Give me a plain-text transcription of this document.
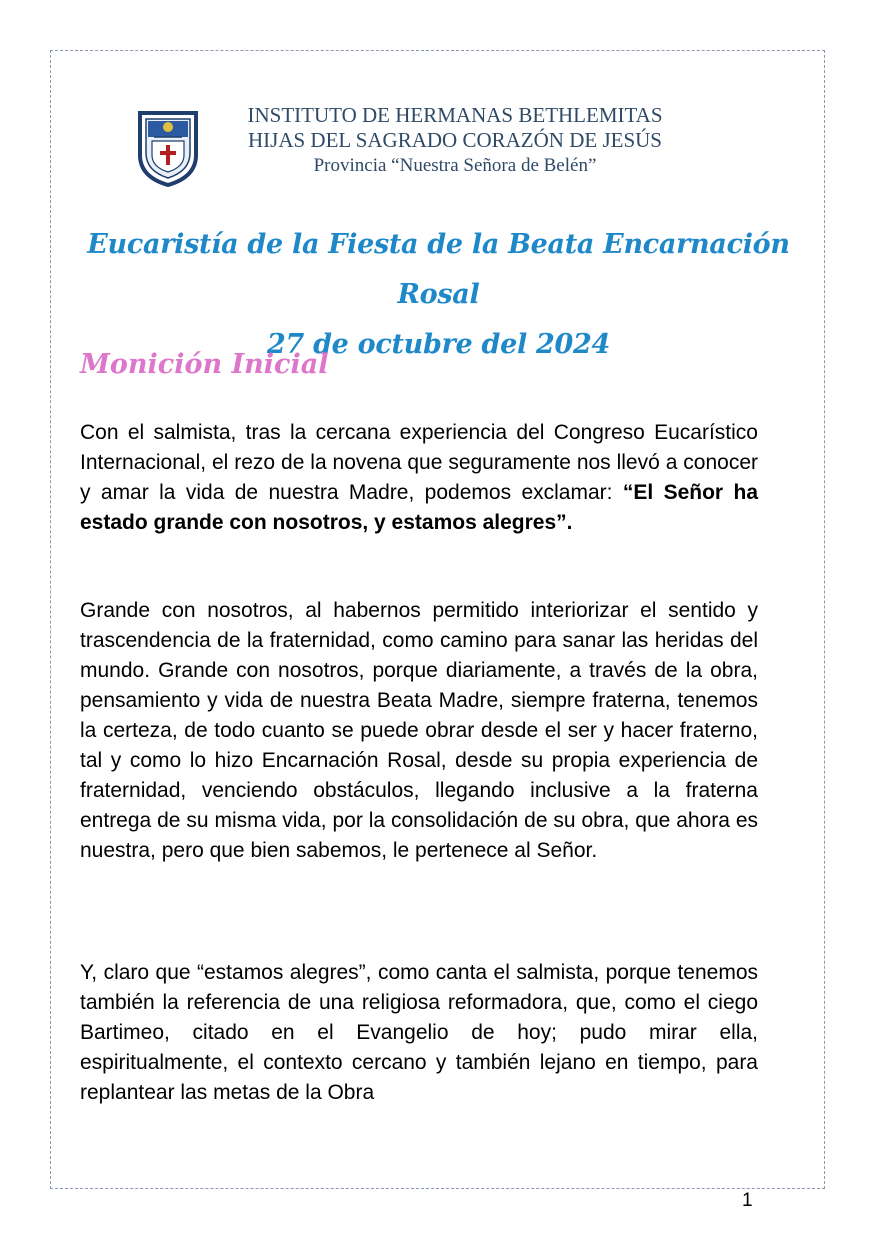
INSTITUTO DE HERMANAS BETHLEMITAS
HIJAS DEL SAGRADO CORAZÓN DE JESÚS
Provincia “Nuestra Señora de Belén”
Eucaristía de la Fiesta de la Beata Encarnación Rosal
27 de octubre del 2024
Monición Inicial

Con el salmista, tras la cercana experiencia del Congreso Eucarístico Internacional, el rezo de la novena que seguramente nos llevó a conocer y amar la vida de nuestra Madre, podemos exclamar: “El Señor ha estado grande con nosotros, y estamos alegres”.

Grande con nosotros, al habernos permitido interiorizar el sentido y trascendencia de la fraternidad, como camino para sanar las heridas del mundo. Grande con nosotros, porque diariamente, a través de la obra, pensamiento y vida de nuestra Beata Madre, siempre fraterna, tenemos la certeza, de todo cuanto se puede obrar desde el ser y hacer fraterno, tal y como lo hizo Encarnación Rosal, desde su propia experiencia de fraternidad, venciendo obstáculos, llegando inclusive a la fraterna entrega de su misma vida, por la consolidación de su obra, que ahora es nuestra, pero que bien sabemos, le pertenece al Señor.

Y, claro que “estamos alegres”, como canta el salmista, porque tenemos también la referencia de una religiosa reformadora, que, como el ciego Bartimeo, citado en el Evangelio de hoy; pudo mirar ella, espiritualmente, el contexto cercano y también lejano en tiempo, para replantear las metas de la Obra

1
